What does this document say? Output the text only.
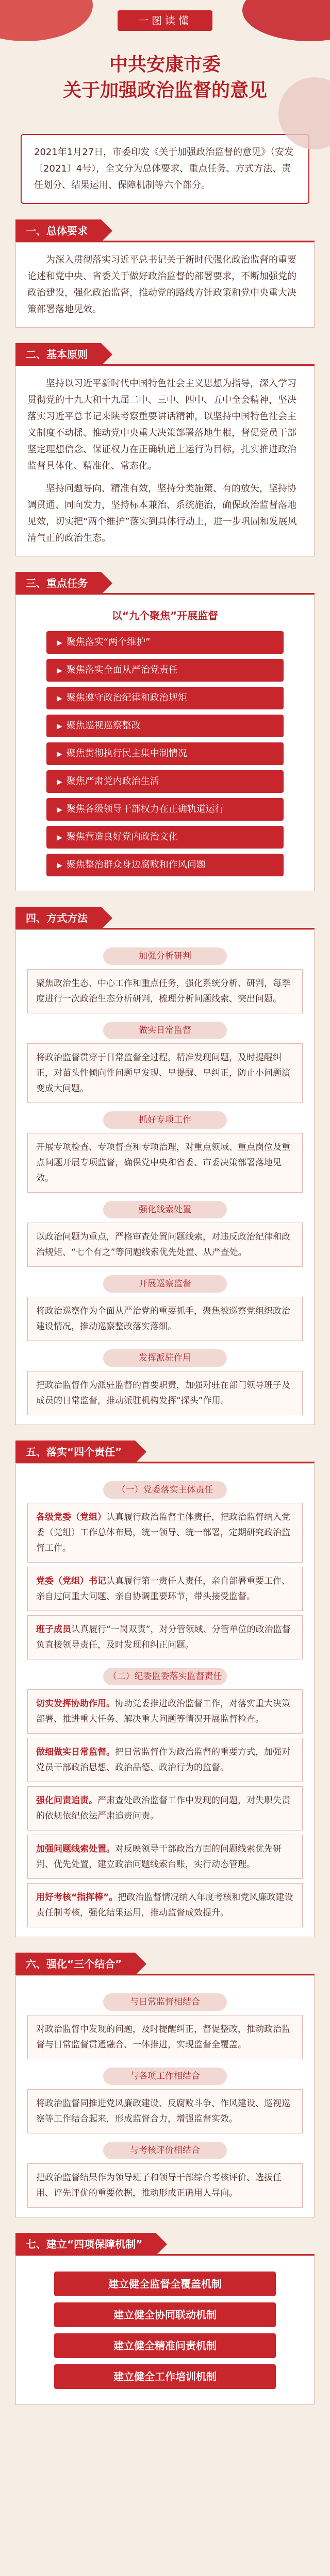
一图读懂
中共安康市委
关于加强政治监督的意见
2021年1月27日，市委印发《关于加强政治监督的意见》（安发〔2021〕4号），全文分为总体要求、重点任务、方式方法、责任划分、结果运用、保障机制等六个部分。
一、总体要求

为深入贯彻落实习近平总书记关于新时代强化政治监督的重要论述和党中央、省委关于做好政治监督的部署要求，不断加强党的政治建设，强化政治监督，推动党的路线方针政策和党中央重大决策部署落地见效。

二、基本原则

坚持以习近平新时代中国特色社会主义思想为指导，深入学习贯彻党的十九大和十九届二中、三中、四中、五中全会精神，坚决落实习近平总书记来陕考察重要讲话精神，以坚持中国特色社会主义制度不动摇、推动党中央重大决策部署落地生根，督促党员干部坚定理想信念、保证权力在正确轨道上运行为目标，扎实推进政治监督具体化、精准化、常态化。

坚持问题导向、精准有效，坚持分类施策、有的放矢，坚持协调贯通、同向发力，坚持标本兼治、系统施治，确保政治监督落地见效，切实把“两个维护”落实到具体行动上，进一步巩固和发展风清气正的政治生态。

三、重点任务
以“九个聚焦”开展监督
▶ 聚焦落实“两个维护”
▶ 聚焦落实全面从严治党责任
▶ 聚焦遵守政治纪律和政治规矩
▶ 聚焦巡视巡察整改
▶ 聚焦贯彻执行民主集中制情况
▶ 聚焦严肃党内政治生活
▶ 聚焦各级领导干部权力在正确轨道运行
▶ 聚焦营造良好党内政治文化
▶ 聚焦整治群众身边腐败和作风问题
四、方式方法
加强分析研判
聚焦政治生态、中心工作和重点任务，强化系统分析、研判，每季度进行一次政治生态分析研判，梳理分析问题线索、突出问题。
做实日常监督
将政治监督贯穿于日常监督全过程，精准发现问题，及时提醒纠正，对苗头性倾向性问题早发现、早提醒、早纠正，防止小问题演变成大问题。
抓好专项工作
开展专项检查、专项督查和专项治理，对重点领域、重点岗位及重点问题开展专项监督，确保党中央和省委、市委决策部署落地见效。
强化线索处置
以政治问题为重点，严格审查处置问题线索，对违反政治纪律和政治规矩、“七个有之”等问题线索优先处置、从严查处。
开展巡察监督
将政治巡察作为全面从严治党的重要抓手，聚焦被巡察党组织政治建设情况，推动巡察整改落实落细。
发挥派驻作用
把政治监督作为派驻监督的首要职责，加强对驻在部门领导班子及成员的日常监督，推动派驻机构发挥“探头”作用。
五、落实“四个责任”
（一）党委落实主体责任
各级党委（党组）认真履行政治监督主体责任，把政治监督纳入党委（党组）工作总体布局，统一领导、统一部署，定期研究政治监督工作。
党委（党组）书记认真履行第一责任人责任，亲自部署重要工作、亲自过问重大问题、亲自协调重要环节，带头接受监督。
班子成员认真履行“一岗双责”，对分管领域、分管单位的政治监督负直接领导责任，及时发现和纠正问题。
（二）纪委监委落实监督责任
切实发挥协助作用。协助党委推进政治监督工作，对落实重大决策部署、推进重大任务、解决重大问题等情况开展监督检查。
做细做实日常监督。把日常监督作为政治监督的重要方式，加强对党员干部政治思想、政治品德、政治行为的监督。
强化问责追责。严肃查处政治监督工作中发现的问题，对失职失责的依规依纪依法严肃追责问责。
加强问题线索处置。对反映领导干部政治方面的问题线索优先研判、优先处置，建立政治问题线索台账，实行动态管理。
用好考核“指挥棒”。把政治监督情况纳入年度考核和党风廉政建设责任制考核，强化结果运用，推动监督成效提升。
六、强化“三个结合”
与日常监督相结合
对政治监督中发现的问题，及时提醒纠正，督促整改，推动政治监督与日常监督贯通融合、一体推进，实现监督全覆盖。
与各项工作相结合
将政治监督同推进党风廉政建设、反腐败斗争、作风建设、巡视巡察等工作结合起来，形成监督合力，增强监督实效。
与考核评价相结合
把政治监督结果作为领导班子和领导干部综合考核评价、选拔任用、评先评优的重要依据，推动形成正确用人导向。
七、建立“四项保障机制”
建立健全监督全覆盖机制
建立健全协同联动机制
建立健全精准问责机制
建立健全工作培训机制
